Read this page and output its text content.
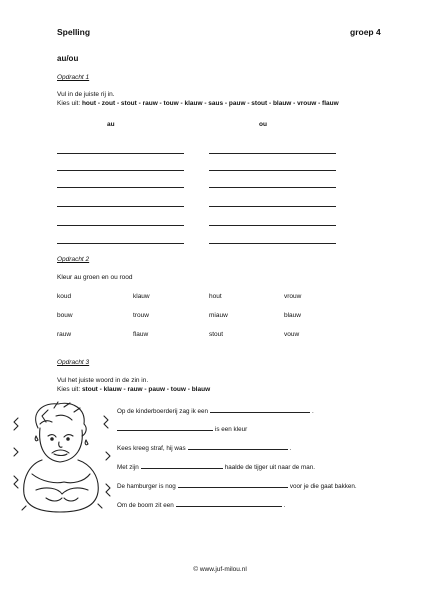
Spelling	groep 4
au/ou
Opdracht 1
Vul in de juiste rij in.
Kies uit: hout - zout - stout - rauw - touw - klauw - saus - pauw - stout - blauw - vrouw - flauw
au	ou
Opdracht 2
Kleur au groen en ou rood
koud	klauw	hout	vrouw
bouw	trouw	miauw	blauw
rauw	flauw	stout	vouw
Opdracht 3
Vul het juiste woord in de zin in.
Kies uit: stout - klauw - rauw - pauw - touw - blauw
Op de kinderboerderij zag ik een	.
is een kleur
Kees kreeg straf, hij was	.
Met zijn	haalde de tijger uit naar de man.
De hamburger is nog	voor je die gaat bakken.
Om de boom zit een	.
© www.juf-milou.nl
